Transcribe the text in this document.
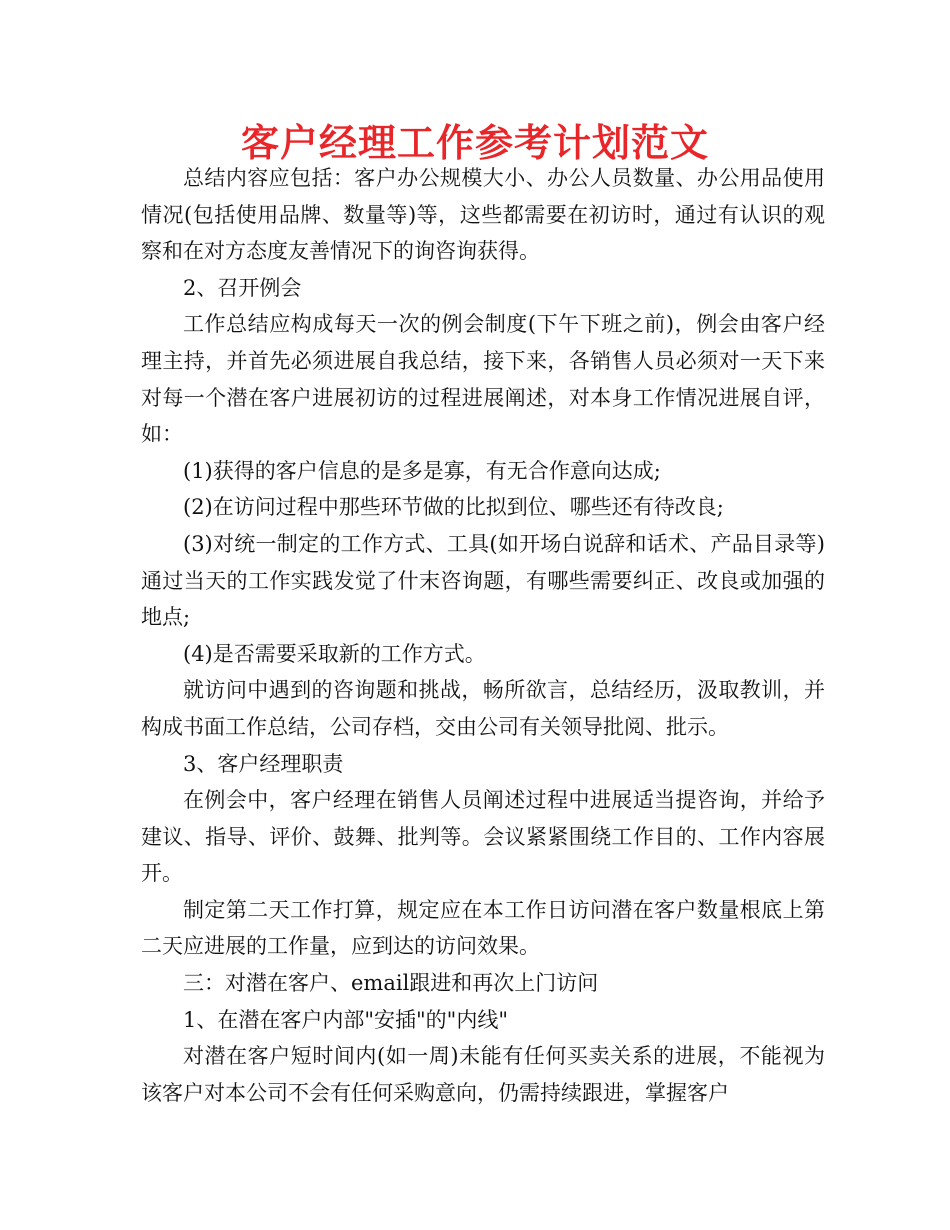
客户经理工作参考计划范文

总结内容应包括：客户办公规模大小、办公人员数量、办公用品使用情况(包括使用品牌、数量等)等，这些都需要在初访时，通过有认识的观察和在对方态度友善情况下的询咨询获得。

2、召开例会

工作总结应构成每天一次的例会制度(下午下班之前)，例会由客户经理主持，并首先必须进展自我总结，接下来，各销售人员必须对一天下来对每一个潜在客户进展初访的过程进展阐述，对本身工作情况进展自评，如：

(1)获得的客户信息的是多是寡，有无合作意向达成;

(2)在访问过程中那些环节做的比拟到位、哪些还有待改良;

(3)对统一制定的工作方式、工具(如开场白说辞和话术、产品目录等)通过当天的工作实践发觉了什末咨询题，有哪些需要纠正、改良或加强的地点;

(4)是否需要采取新的工作方式。

就访问中遇到的咨询题和挑战，畅所欲言，总结经历，汲取教训，并构成书面工作总结，公司存档，交由公司有关领导批阅、批示。

3、客户经理职责

在例会中，客户经理在销售人员阐述过程中进展适当提咨询，并给予建议、指导、评价、鼓舞、批判等。会议紧紧围绕工作目的、工作内容展开。

制定第二天工作打算，规定应在本工作日访问潜在客户数量根底上第二天应进展的工作量，应到达的访问效果。

三：对潜在客户、email跟进和再次上门访问

1、在潜在客户内部"安插"的"内线"

对潜在客户短时间内(如一周)未能有任何买卖关系的进展，不能视为该客户对本公司不会有任何采购意向，仍需持续跟进，掌握客户
